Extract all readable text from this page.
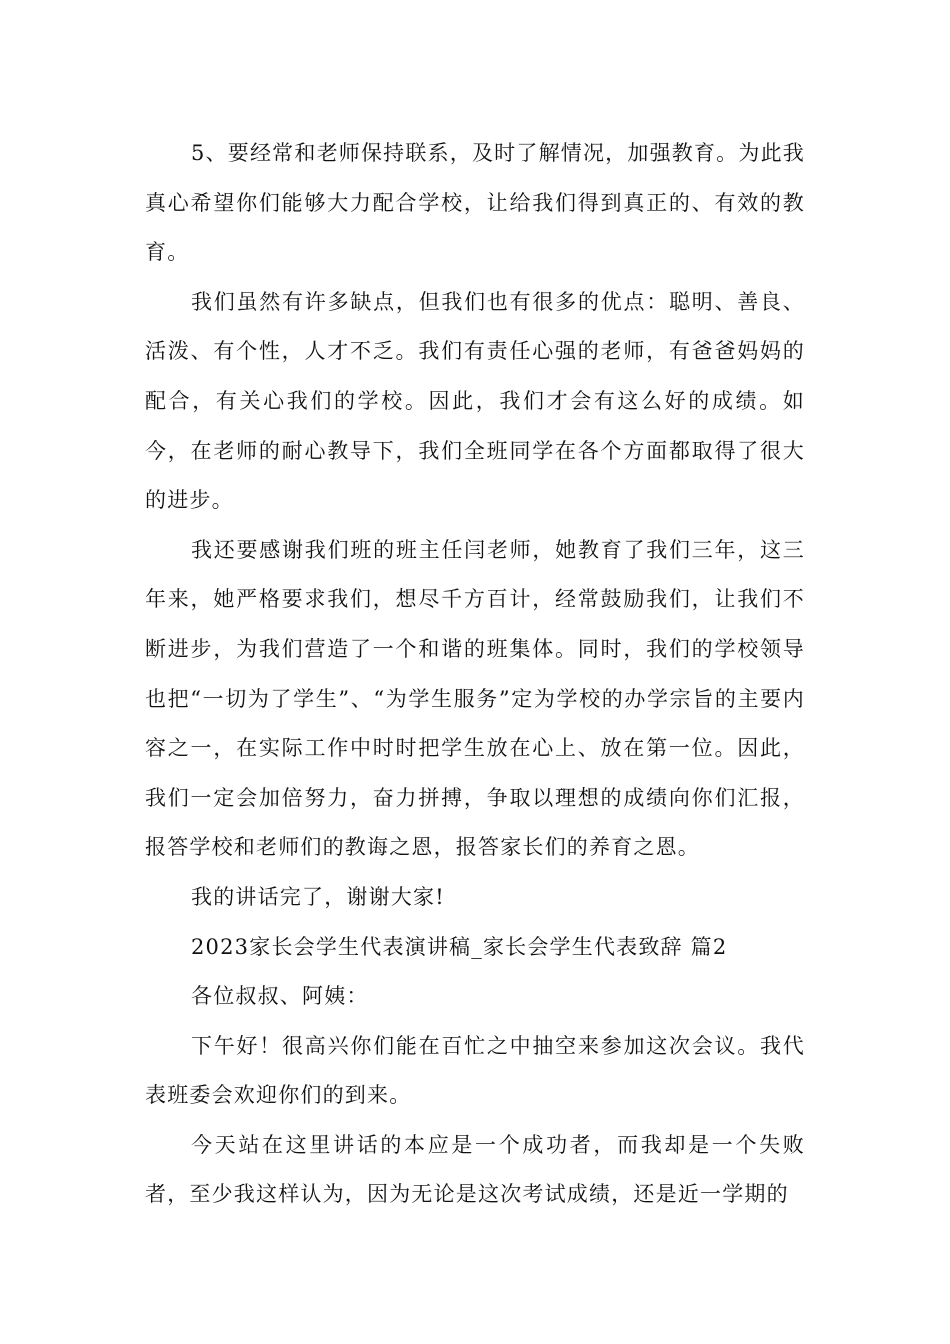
5、要经常和老师保持联系，及时了解情况，加强教育。为此我真心希望你们能够大力配合学校，让给我们得到真正的、有效的教育。

我们虽然有许多缺点，但我们也有很多的优点：聪明、善良、活泼、有个性，人才不乏。我们有责任心强的老师，有爸爸妈妈的配合，有关心我们的学校。因此，我们才会有这么好的成绩。如今，在老师的耐心教导下，我们全班同学在各个方面都取得了很大的进步。

我还要感谢我们班的班主任闫老师，她教育了我们三年，这三年来，她严格要求我们，想尽千方百计，经常鼓励我们，让我们不断进步，为我们营造了一个和谐的班集体。同时，我们的学校领导也把“一切为了学生”、“为学生服务”定为学校的办学宗旨的主要内容之一，在实际工作中时时把学生放在心上、放在第一位。因此，我们一定会加倍努力，奋力拼搏，争取以理想的成绩向你们汇报，报答学校和老师们的教诲之恩，报答家长们的养育之恩。

我的讲话完了，谢谢大家!

2023家长会学生代表演讲稿_家长会学生代表致辞 篇2

各位叔叔、阿姨：

下午好！很高兴你们能在百忙之中抽空来参加这次会议。我代表班委会欢迎你们的到来。

今天站在这里讲话的本应是一个成功者，而我却是一个失败者，至少我这样认为，因为无论是这次考试成绩，还是近一学期的
